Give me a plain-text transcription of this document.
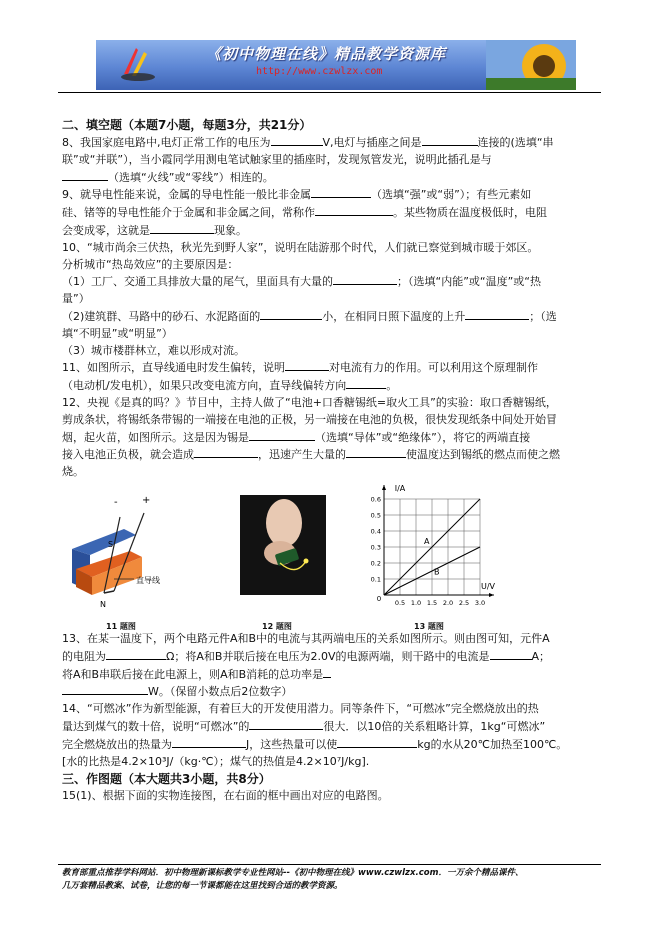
《初中物理在线》精品教学资源库
http://www.czwlzx.com

二、填空题（本题7小题，每题3分，共21分）

8、我国家庭电路中,电灯正常工作的电压为	V,电灯与插座之间是	连接的(选填“串

联”或“并联”），当小霞同学用测电笔试触家里的插座时，发现氖管发光，说明此插孔是与

（选填“火线”或“零线”）相连的。

9、就导电性能来说，金属的导电性能一般比非金属	（选填“强”或“弱”）；有些元素如

硅、锗等的导电性能介于金属和非金属之间，常称作	。某些物质在温度极低时，电阻

会变成零，这就是	现象。

10、“城市尚余三伏热，秋光先到野人家”，说明在陆游那个时代，人们就已察觉到城市暖于郊区。

分析城市“热岛效应”的主要原因是：

（1）工厂、交通工具排放大量的尾气，里面具有大量的	；（选填“内能”或“温度”或“热

量”）

（2)建筑群、马路中的砂石、水泥路面的	小，在相同日照下温度的上升	；（选

填“不明显”或“明显”）

（3）城市楼群林立，难以形成对流。

11、如图所示，直导线通电时发生偏转，说明	对电流有力的作用。可以利用这个原理制作

（电动机/发电机），如果只改变电流方向，直导线偏转方向	。

12、央视《是真的吗？》节目中，主持人做了“电池+口香糖锡纸=取火工具”的实验：取口香糖锡纸，

剪成条状，将锡纸条带锡的一端接在电池的正极，另一端接在电池的负极，很快发现纸条中间处开始冒

烟，起火苗，如图所示。这是因为锡是	（选填“导体”或“绝缘体”），将它的两端直接

接入电池正负极，就会造成	，迅速产生大量的	使温度达到锡纸的燃点而使之燃

烧。

- +
S
N
直导线
11 题图	12 题图
0.5 1.0 1.5 2.0 2.5 3.0
0.1
0.2
0.3
0.4
0.5
0.6
0
U/V
I/A
A
B
13 题图

13、在某一温度下，两个电路元件A和B中的电流与其两端电压的关系如图所示。则由图可知，元件A

的电阻为	Ω；将A和B并联后接在电压为2.0V的电源两端，则干路中的电流是	A；

将A和B串联后接在此电源上，则A和B消耗的总功率是

W。（保留小数点后2位数字）

14、“可燃冰”作为新型能源，有着巨大的开发使用潜力。同等条件下，“可燃冰”完全燃烧放出的热

量达到煤气的数十倍，说明“可燃冰”的	很大．以10倍的关系粗略计算，1kg“可燃冰”

完全燃烧放出的热量为	J，这些热量可以使	kg的水从20℃加热至100℃。

[水的比热是4.2×10³J/（kg·℃）；煤气的热值是4.2×10⁷J/kg].

三、作图题（本大题共3小题，共8分）

15(1)、根据下面的实物连接图，在右面的框中画出对应的电路图。

教育部重点推荐学科网站．初中物理新课标教学专业性网站--《初中物理在线》www.czwlzx.com．一万余个精品课件、
几万套精品教案、试卷，让您的每一节课都能在这里找到合适的教学资源。
